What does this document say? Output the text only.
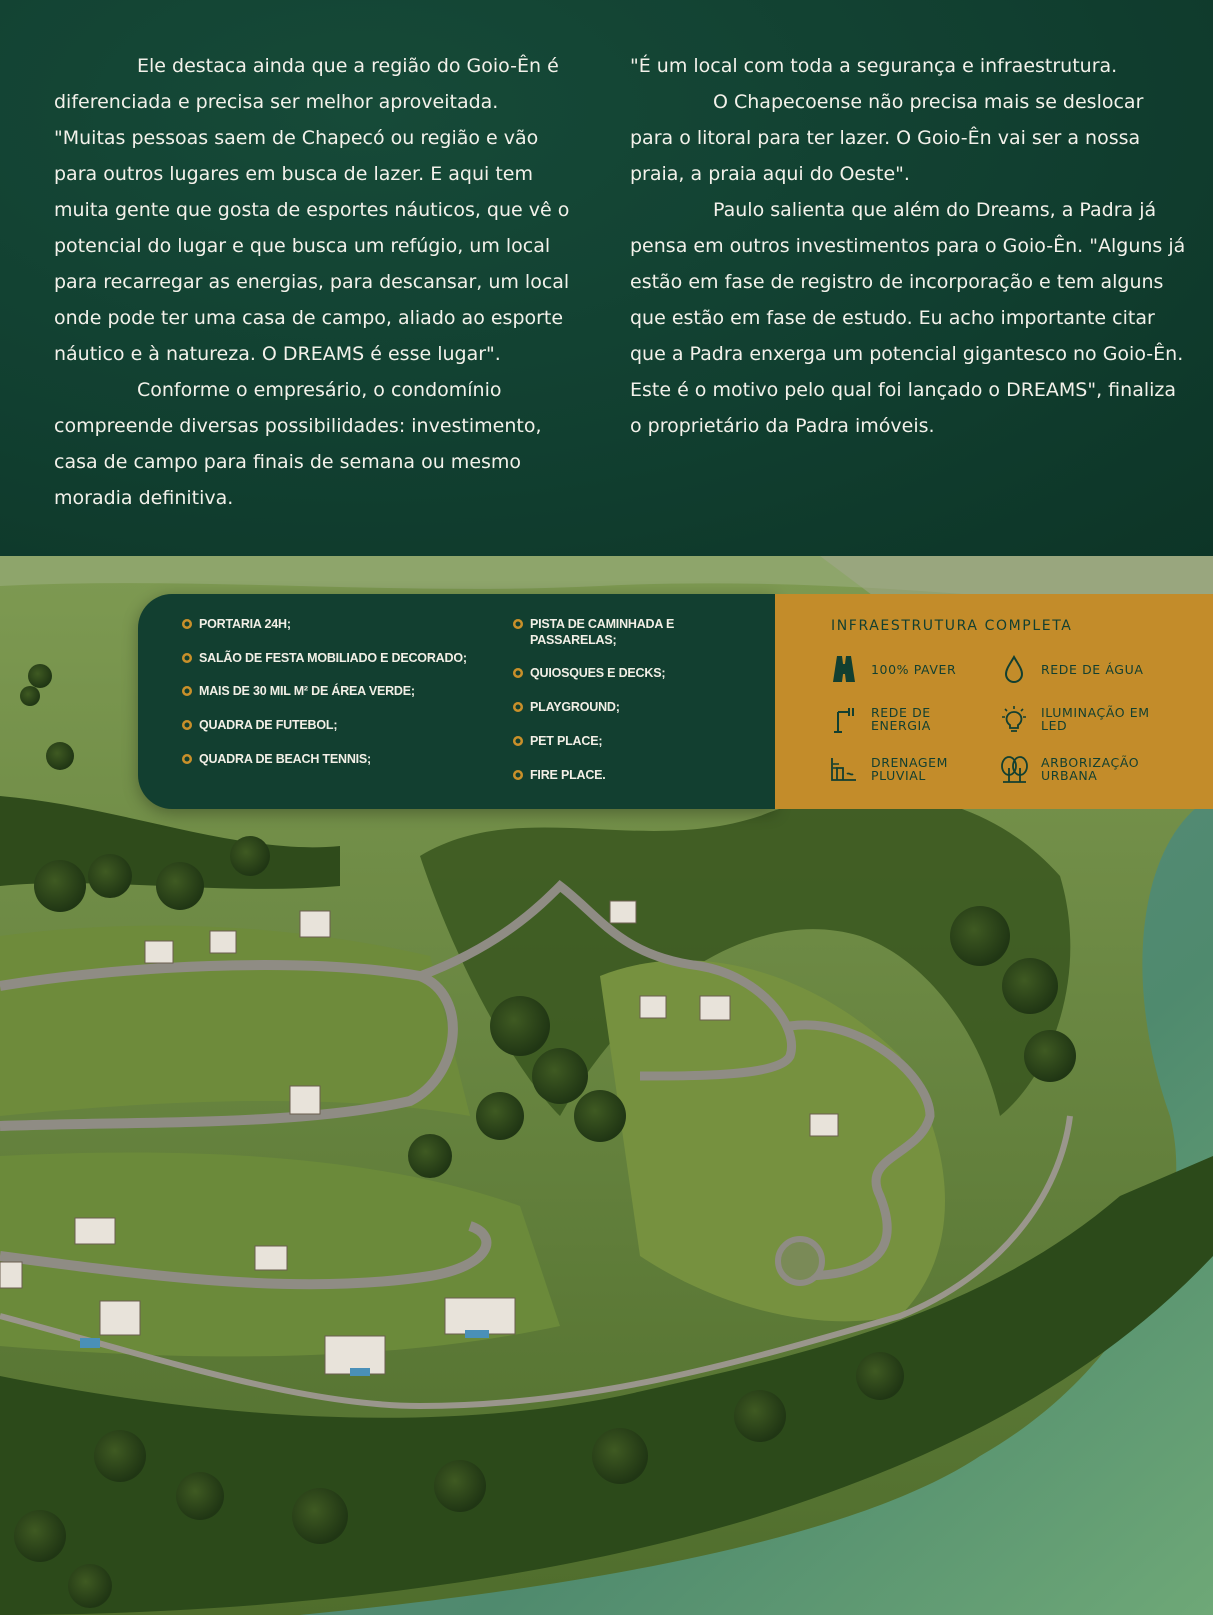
Ele destaca ainda que a região do Goio-Ên é diferenciada e precisa ser melhor aproveitada. "Muitas pessoas saem de Chapecó ou região e vão para outros lugares em busca de lazer. E aqui tem muita gente que gosta de esportes náuticos, que vê o potencial do lugar e que busca um refúgio, um local para recarregar as energias, para descansar, um local onde pode ter uma casa de campo, aliado ao esporte náutico e à natureza. O DREAMS é esse lugar".

Conforme o empresário, o condomínio compreende diversas possibilidades: investimento, casa de campo para finais de semana ou mesmo moradia definitiva.

"É um local com toda a segurança e infraestrutura.

O Chapecoense não precisa mais se deslocar para o litoral para ter lazer. O Goio-Ên vai ser a nossa praia, a praia aqui do Oeste".

Paulo salienta que além do Dreams, a Padra já pensa em outros investimentos para o Goio-Ên. "Alguns já estão em fase de registro de incorporação e tem alguns que estão em fase de estudo. Eu acho importante citar que a Padra enxerga um potencial gigantesco no Goio-Ên. Este é o motivo pelo qual foi lançado o DREAMS", finaliza o proprietário da Padra imóveis.

PORTARIA 24H;
SALÃO DE FESTA MOBILIADO E DECORADO;
MAIS DE 30 MIL M² DE ÁREA VERDE;
QUADRA DE FUTEBOL;
QUADRA DE BEACH TENNIS;
PISTA DE CAMINHADA E PASSARELAS;
QUIOSQUES E DECKS;
PLAYGROUND;
PET PLACE;
FIRE PLACE.
INFRAESTRUTURA COMPLETA
100% PAVER	REDE DE ÁGUA
REDE DE ENERGIA
ILUMINAÇÃO EM LED
DRENAGEM PLUVIAL
ARBORIZAÇÃO URBANA
